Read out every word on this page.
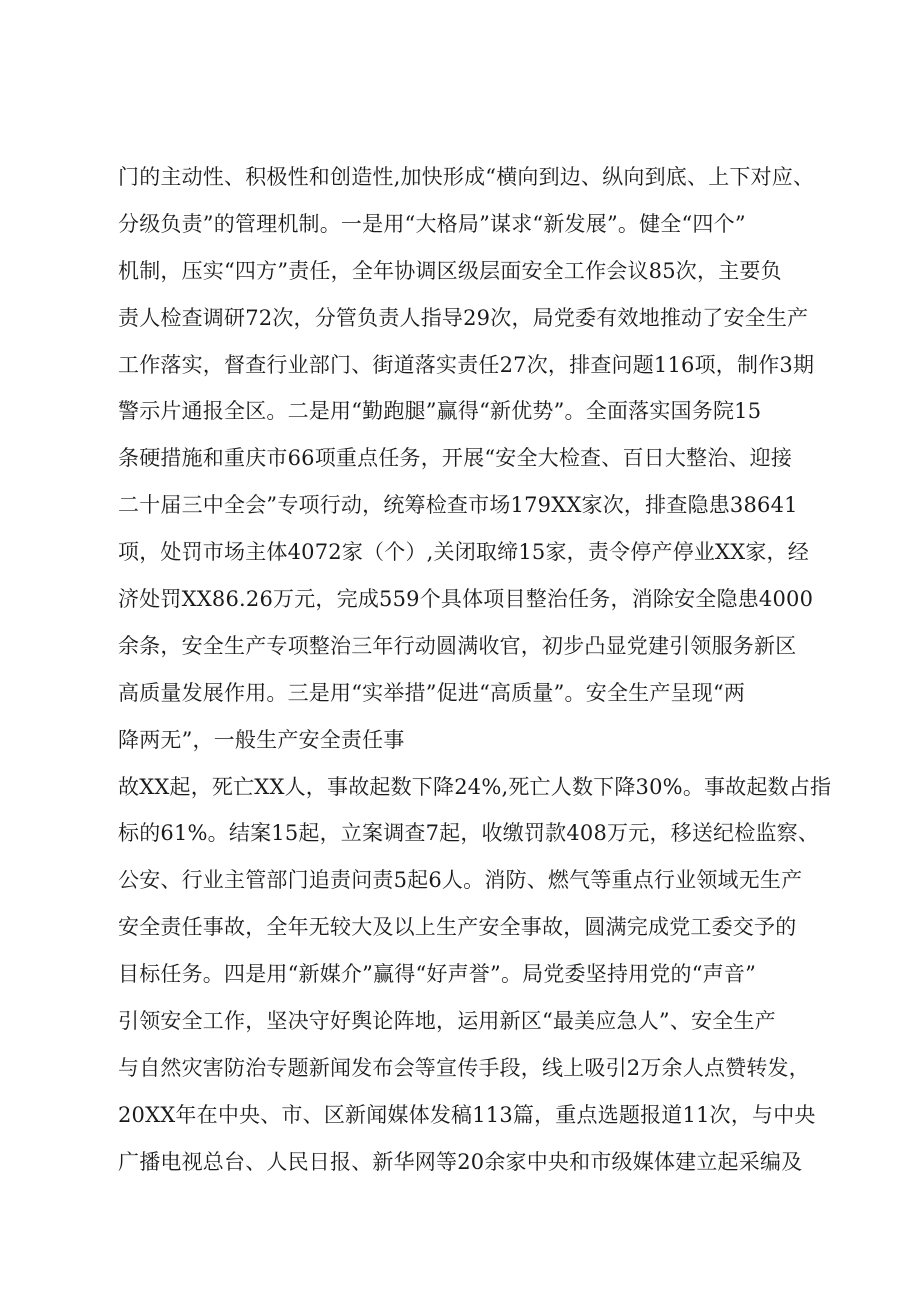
门的主动性、积极性和创造性,加快形成“横向到边、纵向到底、上下对应、
分级负责”的管理机制。一是用“大格局”谋求“新发展”。健全“四个”
机制，压实“四方”责任，全年协调区级层面安全工作会议85次，主要负
责人检查调研72次，分管负责人指导29次，局党委有效地推动了安全生产
工作落实，督查行业部门、街道落实责任27次，排查问题116项，制作3期
警示片通报全区。二是用“勤跑腿”赢得“新优势”。全面落实国务院15
条硬措施和重庆市66项重点任务，开展“安全大检查、百日大整治、迎接
二十届三中全会”专项行动，统筹检查市场179XX家次，排查隐患38641
项，处罚市场主体4072家（个）,关闭取缔15家，责令停产停业XX家，经
济处罚XX86.26万元，完成559个具体项目整治任务，消除安全隐患4000
余条，安全生产专项整治三年行动圆满收官，初步凸显党建引领服务新区
高质量发展作用。三是用“实举措”促进“高质量”。安全生产呈现“两
降两无”，一般生产安全责任事
故XX起，死亡XX人，事故起数下降24%,死亡人数下降30%。事故起数占指
标的61%。结案15起，立案调查7起，收缴罚款408万元，移送纪检监察、
公安、行业主管部门追责问责5起6人。消防、燃气等重点行业领域无生产
安全责任事故，全年无较大及以上生产安全事故，圆满完成党工委交予的
目标任务。四是用“新媒介”赢得“好声誉”。局党委坚持用党的“声音”
引领安全工作，坚决守好舆论阵地，运用新区“最美应急人”、安全生产
与自然灾害防治专题新闻发布会等宣传手段，线上吸引2万余人点赞转发，
20XX年在中央、市、区新闻媒体发稿113篇，重点选题报道11次，与中央
广播电视总台、人民日报、新华网等20余家中央和市级媒体建立起采编及
